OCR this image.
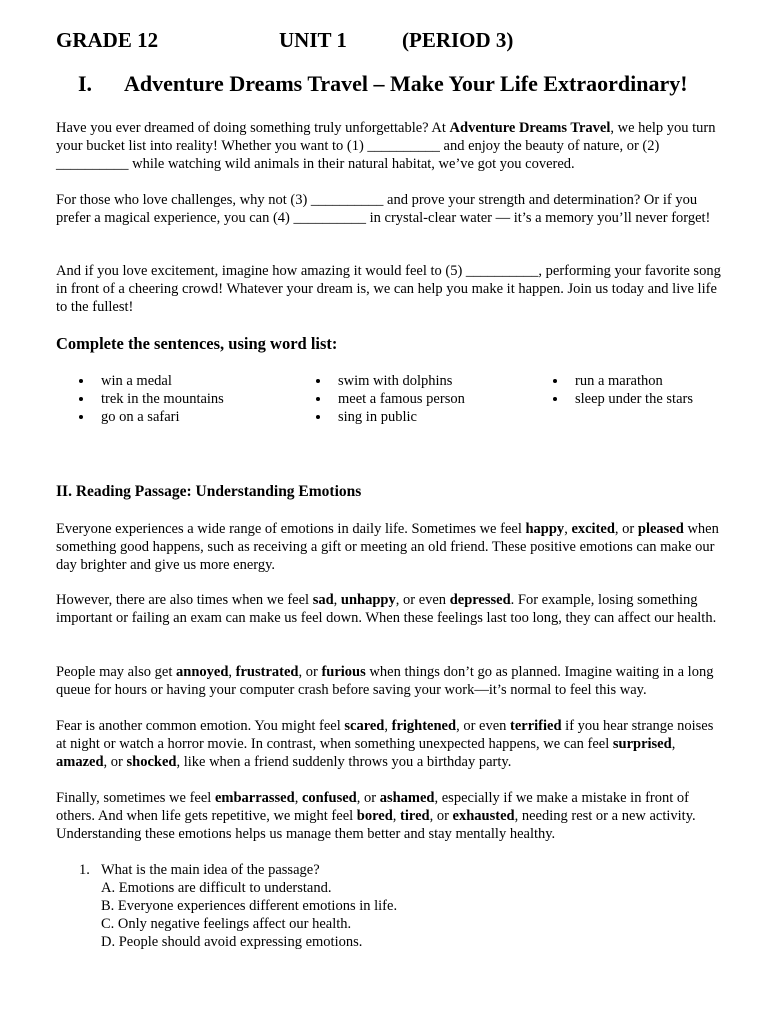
GRADE 12	UNIT 1	(PERIOD 3)
I. Adventure Dreams Travel – Make Your Life Extraordinary!

Have you ever dreamed of doing something truly unforgettable? At Adventure Dreams Travel, we help you turn your bucket list into reality! Whether you want to (1) __________ and enjoy the beauty of nature, or (2) __________ while watching wild animals in their natural habitat, we’ve got you covered.

For those who love challenges, why not (3) __________ and prove your strength and determination? Or if you prefer a magical experience, you can (4) __________ in crystal-clear water — it’s a memory you’ll never forget!

And if you love excitement, imagine how amazing it would feel to (5) __________, performing your favorite song in front of a cheering crowd! Whatever your dream is, we can help you make it happen. Join us today and live life to the fullest!

Complete the sentences, using word list:
win a medal
trek in the mountains
go on a safari
swim with dolphins
meet a famous person
sing in public
run a marathon
sleep under the stars
II. Reading Passage: Understanding Emotions

Everyone experiences a wide range of emotions in daily life. Sometimes we feel happy, excited, or pleased when something good happens, such as receiving a gift or meeting an old friend. These positive emotions can make our day brighter and give us more energy.

However, there are also times when we feel sad, unhappy, or even depressed. For example, losing something important or failing an exam can make us feel down. When these feelings last too long, they can affect our health.

People may also get annoyed, frustrated, or furious when things don’t go as planned. Imagine waiting in a long queue for hours or having your computer crash before saving your work—it’s normal to feel this way.

Fear is another common emotion. You might feel scared, frightened, or even terrified if you hear strange noises at night or watch a horror movie. In contrast, when something unexpected happens, we can feel surprised, amazed, or shocked, like when a friend suddenly throws you a birthday party.

Finally, sometimes we feel embarrassed, confused, or ashamed, especially if we make a mistake in front of others. And when life gets repetitive, we might feel bored, tired, or exhausted, needing rest or a new activity. Understanding these emotions helps us manage them better and stay mentally healthy.

1. What is the main idea of the passage?
A. Emotions are difficult to understand.
B. Everyone experiences different emotions in life.
C. Only negative feelings affect our health.
D. People should avoid expressing emotions.
